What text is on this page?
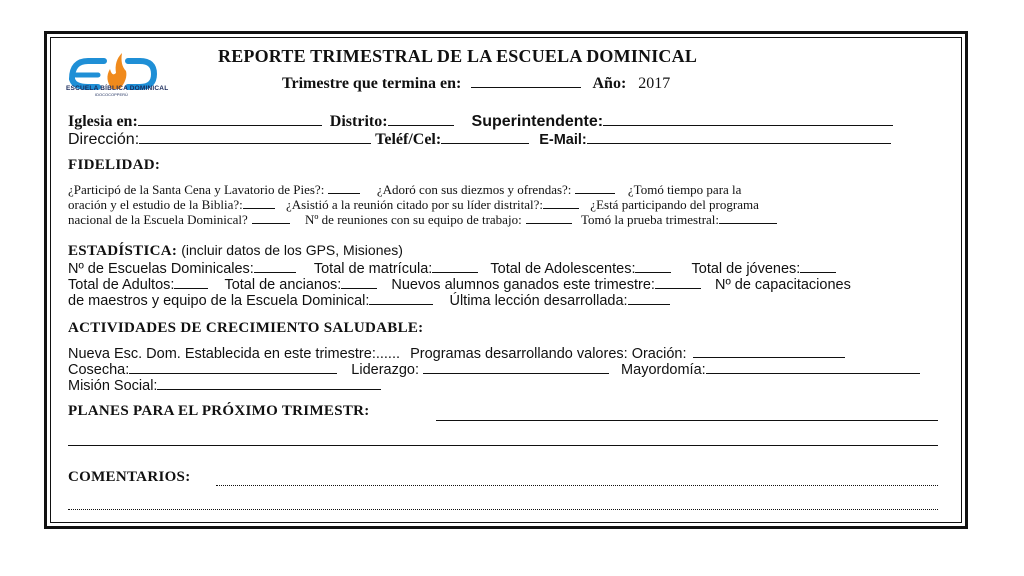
ESCUELA BÍBLICA DOMINICAL
IDOCOCOPPERÚ
REPORTE TRIMESTRAL DE LA ESCUELA DOMINICAL
Trimestre que termina en:	Año: 2017
Iglesia en:	Distrito:	Superintendente:
Dirección:	Teléf/Cel:	E-Mail:
FIDELIDAD:
¿Participó de la Santa Cena y Lavatorio de Pies?:	¿Adoró con sus diezmos y ofrendas?:	¿Tomó tiempo para la
oración y el estudio de la Biblia?:	¿Asistió a la reunión citado por su líder distrital?:	¿Está participando del programa
nacional de la Escuela Dominical?	Nº de reuniones con su equipo de trabajo:	Tomó la prueba trimestral:
ESTADÍSTICA: (incluir datos de los GPS, Misiones)
Nº de Escuelas Dominicales:	Total de matrícula:	Total de Adolescentes:	Total de jóvenes:
Total de Adultos:	Total de ancianos:	Nuevos alumnos ganados este trimestre:	Nº de capacitaciones
de maestros y equipo de la Escuela Dominical:	Última lección desarrollada:
ACTIVIDADES DE CRECIMIENTO SALUDABLE:
Nueva Esc. Dom. Establecida en este trimestre:...... Programas desarrollando valores: Oración:
Cosecha:	Liderazgo:	Mayordomía:
Misión Social:
PLANES PARA EL PRÓXIMO TRIMESTR:
COMENTARIOS:
